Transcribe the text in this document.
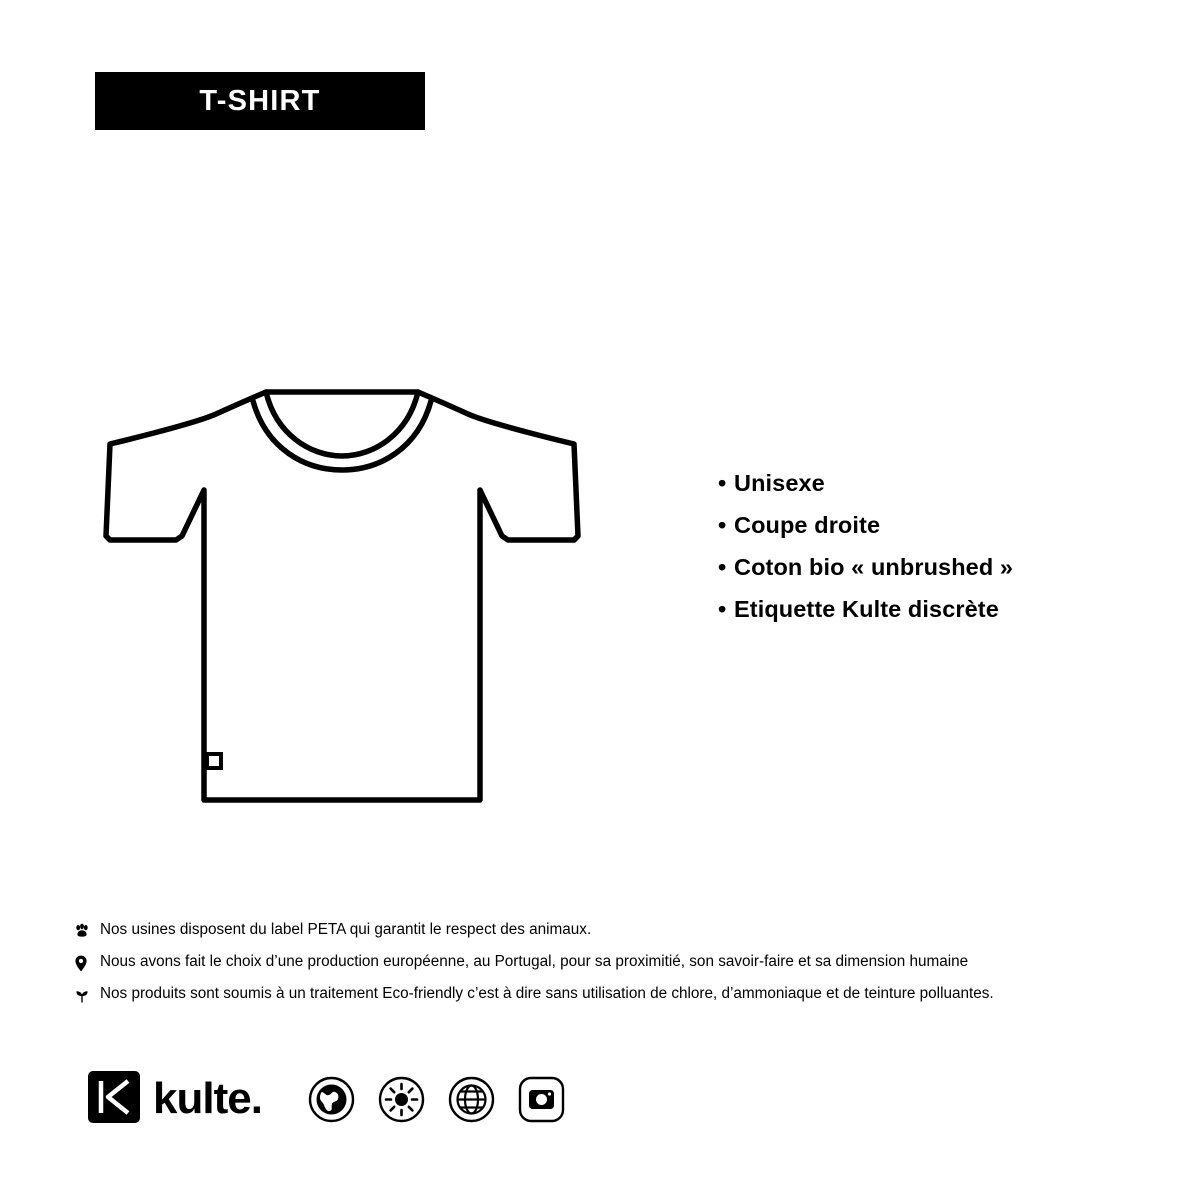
T-SHIRT
• Unisexe
• Coupe droite
• Coton bio « unbrushed »
• Etiquette Kulte discrète
Nos usines disposent du label PETA qui garantit le respect des animaux.
Nous avons fait le choix d’une production européenne, au Portugal, pour sa proximitié, son savoir-faire et sa dimension humaine
Nos produits sont soumis à un traitement Eco-friendly c’est à dire sans utilisation de chlore, d’ammoniaque et de teinture polluantes.
kulte.
